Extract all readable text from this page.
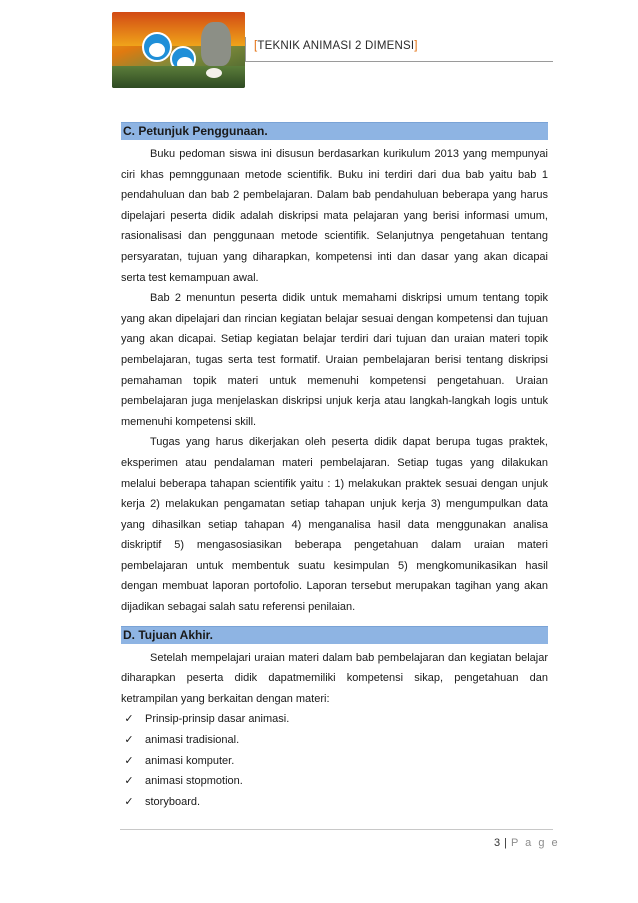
[TEKNIK ANIMASI 2 DIMENSI]
C. Petunjuk Penggunaan.

Buku pedoman siswa ini disusun berdasarkan kurikulum 2013 yang mempunyai ciri khas pemnggunaan metode scientifik. Buku ini terdiri dari dua bab yaitu bab 1 pendahuluan dan bab 2 pembelajaran. Dalam bab pendahuluan beberapa yang harus dipelajari peserta didik adalah diskripsi mata pelajaran yang berisi informasi umum, rasionalisasi dan penggunaan metode scientifik. Selanjutnya pengetahuan tentang persyaratan, tujuan yang diharapkan, kompetensi inti dan dasar yang akan dicapai serta test kemampuan awal.

Bab 2 menuntun peserta didik untuk memahami diskripsi umum tentang topik yang akan dipelajari dan rincian kegiatan belajar sesuai dengan kompetensi dan tujuan yang akan dicapai. Setiap kegiatan belajar terdiri dari tujuan dan uraian materi topik pembelajaran, tugas serta test formatif. Uraian pembelajaran berisi tentang diskripsi pemahaman topik materi untuk memenuhi kompetensi pengetahuan. Uraian pembelajaran juga menjelaskan diskripsi unjuk kerja atau langkah-langkah logis untuk memenuhi kompetensi skill.

Tugas yang harus dikerjakan oleh peserta didik dapat berupa tugas praktek, eksperimen atau pendalaman materi pembelajaran. Setiap tugas yang dilakukan melalui beberapa tahapan scientifik yaitu : 1) melakukan praktek sesuai dengan unjuk kerja 2) melakukan pengamatan setiap tahapan unjuk kerja 3) mengumpulkan data yang dihasilkan setiap tahapan 4) menganalisa hasil data menggunakan analisa diskriptif 5) mengasosiasikan beberapa pengetahuan dalam uraian materi pembelajaran untuk membentuk suatu kesimpulan 5) mengkomunikasikan hasil dengan membuat laporan portofolio. Laporan tersebut merupakan tagihan yang akan dijadikan sebagai salah satu referensi penilaian.

D. Tujuan Akhir.

Setelah mempelajari uraian materi dalam bab pembelajaran dan kegiatan belajar diharapkan peserta didik dapatmemiliki kompetensi sikap, pengetahuan dan ketrampilan yang berkaitan dengan materi:

✓ Prinsip-prinsip dasar animasi.
✓ animasi tradisional.
✓ animasi komputer.
✓ animasi stopmotion.
✓ storyboard.
3 | P a g e
